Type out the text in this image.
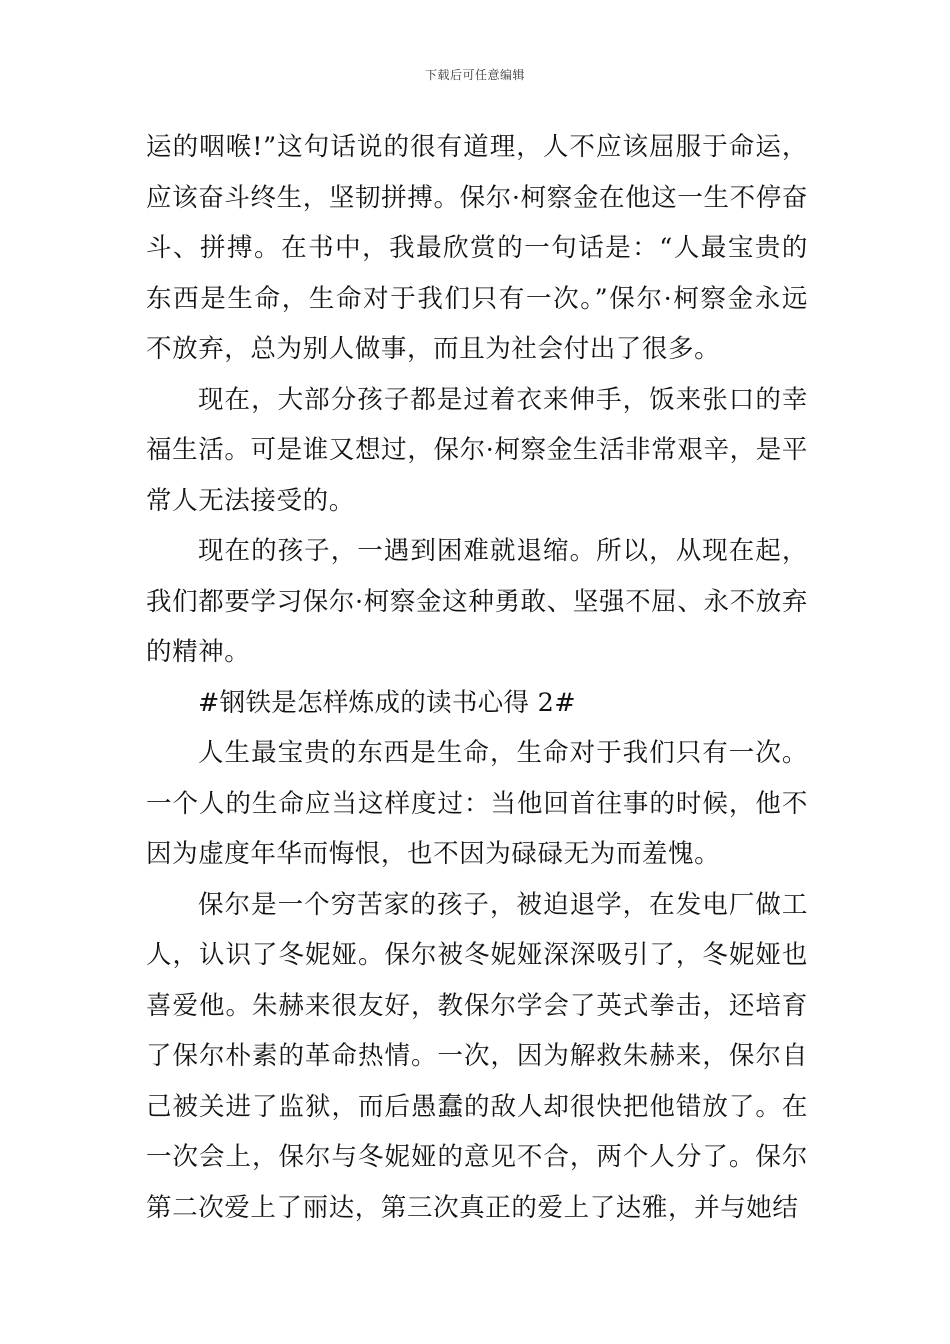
下载后可任意编辑

运的咽喉!”这句话说的很有道理，人不应该屈服于命运，应该奋斗终生，坚韧拼搏。保尔·柯察金在他这一生不停奋斗、拼搏。在书中，我最欣赏的一句话是：“人最宝贵的东西是生命，生命对于我们只有一次。”保尔·柯察金永远不放弃，总为别人做事，而且为社会付出了很多。

现在，大部分孩子都是过着衣来伸手，饭来张口的幸福生活。可是谁又想过，保尔·柯察金生活非常艰辛，是平常人无法接受的。

现在的孩子，一遇到困难就退缩。所以，从现在起，我们都要学习保尔·柯察金这种勇敢、坚强不屈、永不放弃的精神。

#钢铁是怎样炼成的读书心得 2#

人生最宝贵的东西是生命，生命对于我们只有一次。一个人的生命应当这样度过：当他回首往事的时候，他不因为虚度年华而悔恨，也不因为碌碌无为而羞愧。

保尔是一个穷苦家的孩子，被迫退学，在发电厂做工人，认识了冬妮娅。保尔被冬妮娅深深吸引了，冬妮娅也喜爱他。朱赫来很友好，教保尔学会了英式拳击，还培育了保尔朴素的革命热情。一次，因为解救朱赫来，保尔自己被关进了监狱，而后愚蠢的敌人却很快把他错放了。在一次会上，保尔与冬妮娅的意见不合，两个人分了。保尔第二次爱上了丽达，第三次真正的爱上了达雅，并与她结
